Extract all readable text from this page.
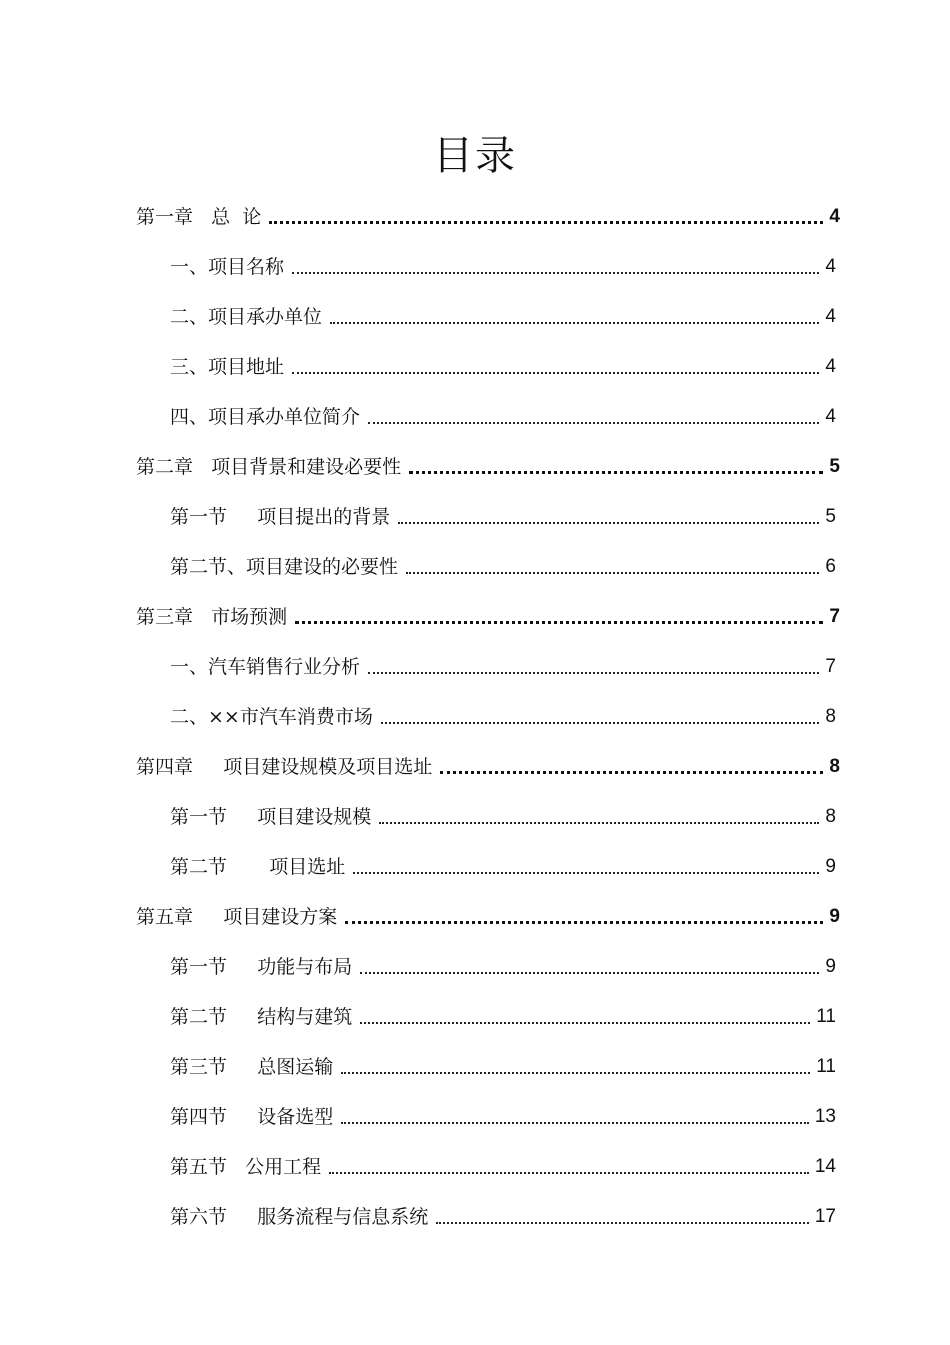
目录
第一章   总  论	4
一、项目名称	4
二、项目承办单位	4
三、项目地址	4
四、项目承办单位简介	4
第二章   项目背景和建设必要性	5
第一节     项目提出的背景	5
第二节、项目建设的必要性	6
第三章   市场预测	7
一、汽车销售行业分析	7
二、××市汽车消费市场	8
第四章     项目建设规模及项目选址	8
第一节     项目建设规模	8
第二节       项目选址	9
第五章     项目建设方案	9
第一节     功能与布局	9
第二节     结构与建筑	11
第三节     总图运输	11
第四节     设备选型	13
第五节   公用工程	14
第六节     服务流程与信息系统	17
